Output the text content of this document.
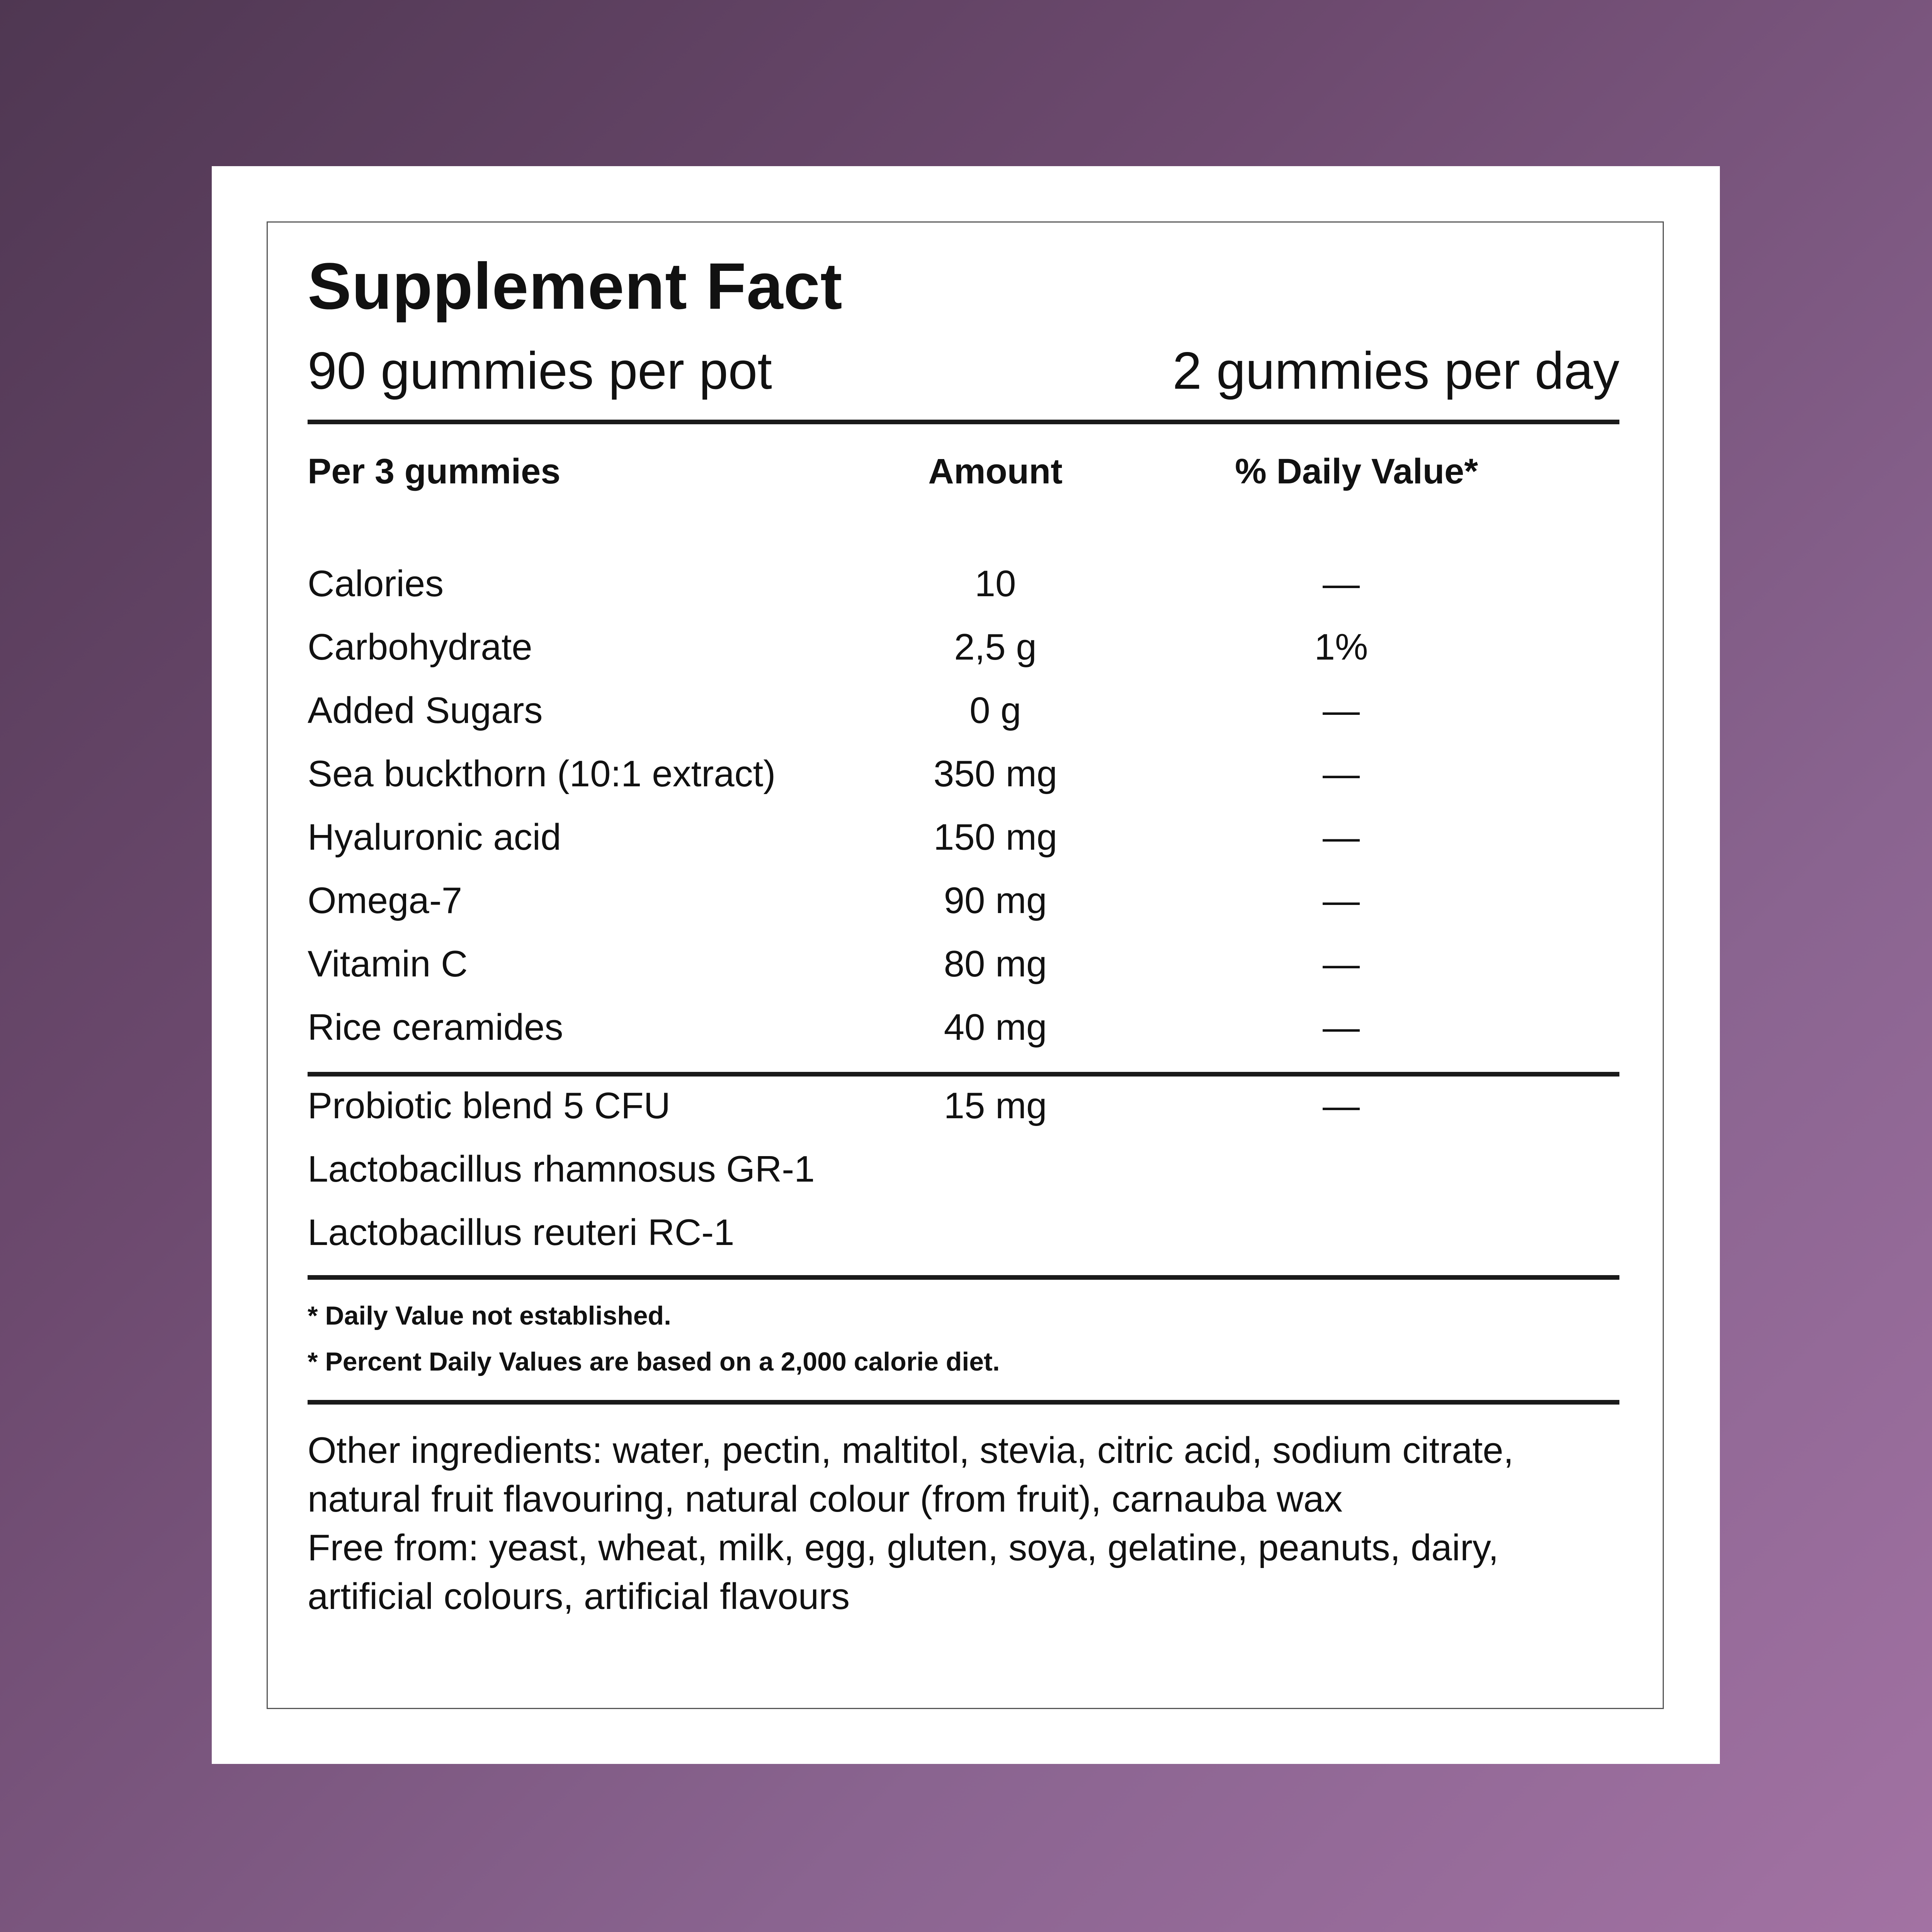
Supplement Fact
90 gummies per pot	2 gummies per day
Per 3 gummies	Amount	% Daily Value*
Calories	10	—
Carbohydrate	2,5 g	1%
Added Sugars	0 g	—
Sea buckthorn (10:1 extract)	350 mg	—
Hyaluronic acid	150 mg	—
Omega-7	90 mg	—
Vitamin C	80 mg	—
Rice ceramides	40 mg	—
Probiotic blend 5 CFU	15 mg	—
Lactobacillus rhamnosus GR-1
Lactobacillus reuteri RC-1
* Daily Value not established.
* Percent Daily Values are based on a 2,000 calorie diet.

Other ingredients: water, pectin, maltitol, stevia, citric acid, sodium citrate, natural fruit flavouring, natural colour (from fruit), carnauba wax

Free from: yeast, wheat, milk, egg, gluten, soya, gelatine, peanuts, dairy, artificial colours, artificial flavours
